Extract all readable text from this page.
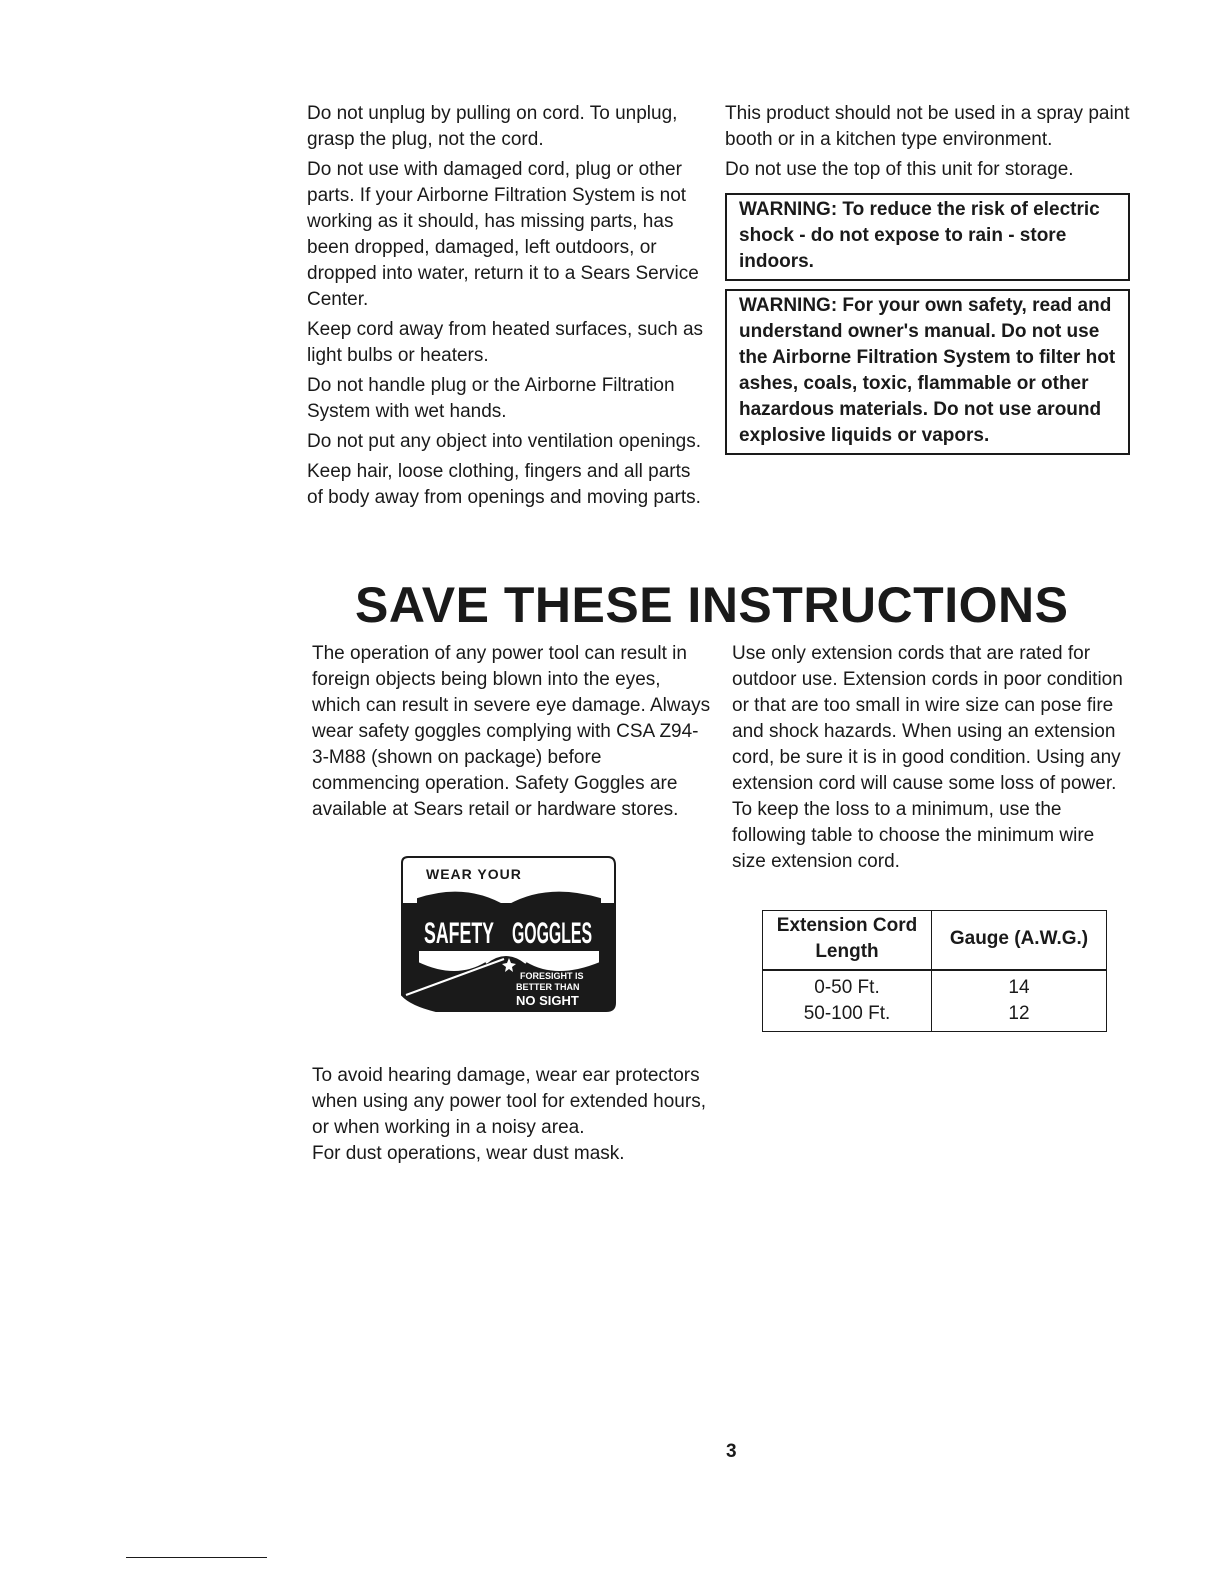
Do not unplug by pulling on cord. To unplug, grasp the plug, not the cord.

Do not use with damaged cord, plug or other parts. If your Airborne Filtration System is not working as it should, has missing parts, has been dropped, damaged, left outdoors, or dropped into water, return it to a Sears Service Center.

Keep cord away from heated surfaces, such as light bulbs or heaters.

Do not handle plug or the Airborne Filtration System with wet hands.

Do not put any object into ventilation openings.

Keep hair, loose clothing, fingers and all parts of body away from openings and moving parts.

This product should not be used in a spray paint booth or in a kitchen type environment.

Do not use the top of this unit for storage.

WARNING: To reduce the risk of electric shock - do not expose to rain - store indoors.
WARNING: For your own safety, read and understand owner's manual. Do not use the Airborne Filtration System to filter hot ashes, coals, toxic, flammable or other hazardous materials. Do not use around explosive liquids or vapors.
SAVE THESE INSTRUCTIONS

The operation of any power tool can result in foreign objects being blown into the eyes, which can result in severe eye damage. Always wear safety goggles complying with CSA Z94-3-M88 (shown on package) before commencing operation. Safety Goggles are available at Sears retail or hardware stores.

To avoid hearing damage, wear ear protectors when using any power tool for extended hours, or when working in a noisy area.

For dust operations, wear dust mask.

WEAR YOUR
SAFETY GOGGLES
FORESIGHT IS
BETTER THAN
NO SIGHT

Use only extension cords that are rated for outdoor use. Extension cords in poor condition or that are too small in wire size can pose fire and shock hazards. When using an extension cord, be sure it is in good condition. Using any extension cord will cause some loss of power. To keep the loss to a minimum, use the following table to choose the minimum wire size extension cord.

Extension Cord Length	Gauge (A.W.G.)
0-50 Ft.	14
50-100 Ft.	12
3
